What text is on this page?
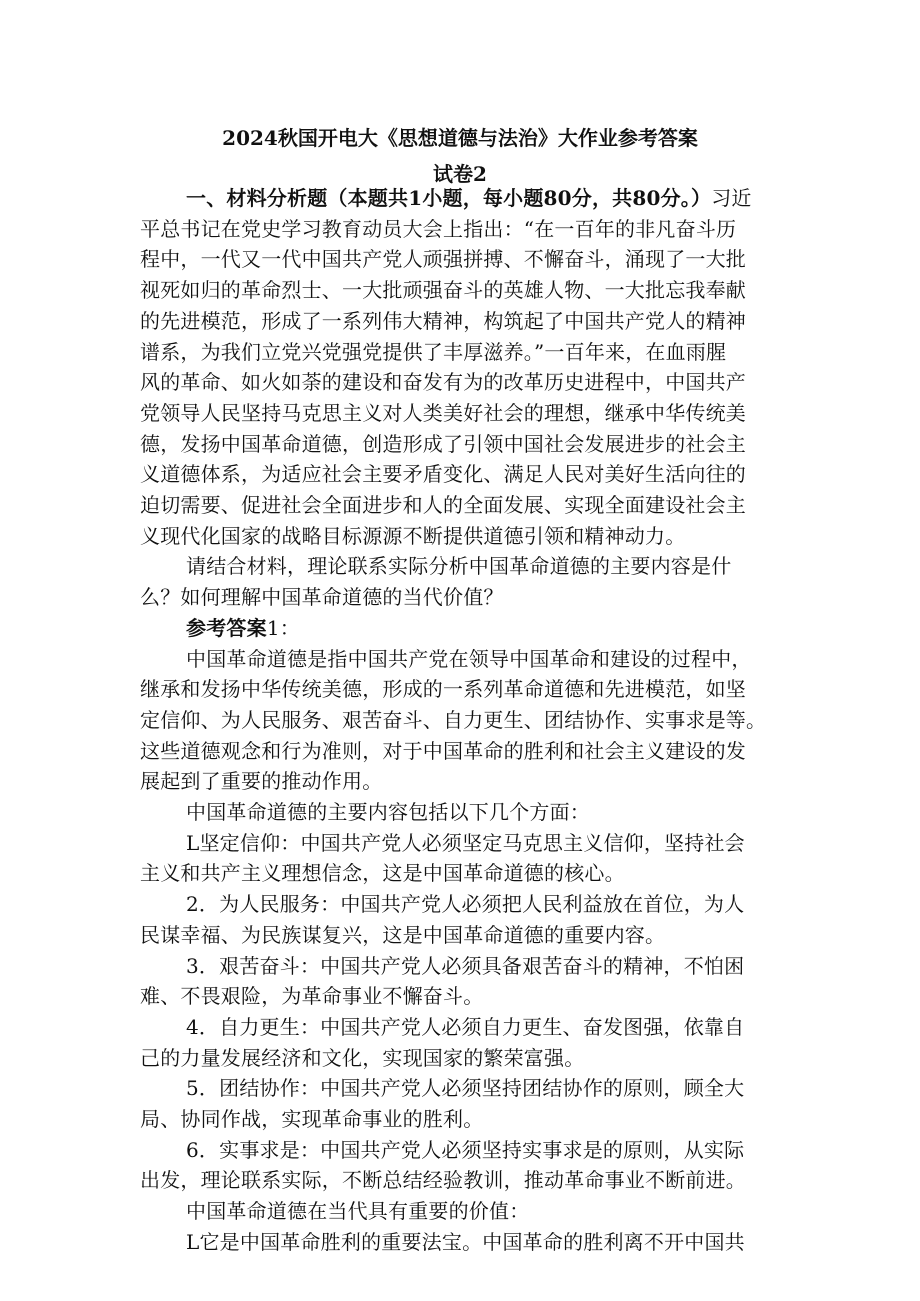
2024秋国开电大《思想道德与法治》大作业参考答案
试卷2
一、材料分析题（本题共1小题，每小题80分，共80分。）习近
平总书记在党史学习教育动员大会上指出：“在一百年的非凡奋斗历
程中，一代又一代中国共产党人顽强拼搏、不懈奋斗，涌现了一大批
视死如归的革命烈士、一大批顽强奋斗的英雄人物、一大批忘我奉献
的先进模范，形成了一系列伟大精神，构筑起了中国共产党人的精神
谱系，为我们立党兴党强党提供了丰厚滋养。”一百年来，在血雨腥
风的革命、如火如荼的建设和奋发有为的改革历史进程中，中国共产
党领导人民坚持马克思主义对人类美好社会的理想，继承中华传统美
德，发扬中国革命道德，创造形成了引领中国社会发展进步的社会主
义道德体系，为适应社会主要矛盾变化、满足人民对美好生活向往的
迫切需要、促进社会全面进步和人的全面发展、实现全面建设社会主
义现代化国家的战略目标源源不断提供道德引领和精神动力。
请结合材料，理论联系实际分析中国革命道德的主要内容是什
么？如何理解中国革命道德的当代价值？
参考答案1：
中国革命道德是指中国共产党在领导中国革命和建设的过程中，
继承和发扬中华传统美德，形成的一系列革命道德和先进模范，如坚
定信仰、为人民服务、艰苦奋斗、自力更生、团结协作、实事求是等。
这些道德观念和行为准则，对于中国革命的胜利和社会主义建设的发
展起到了重要的推动作用。
中国革命道德的主要内容包括以下几个方面：
L坚定信仰：中国共产党人必须坚定马克思主义信仰，坚持社会
主义和共产主义理想信念，这是中国革命道德的核心。
2．为人民服务：中国共产党人必须把人民利益放在首位，为人
民谋幸福、为民族谋复兴，这是中国革命道德的重要内容。
3．艰苦奋斗：中国共产党人必须具备艰苦奋斗的精神，不怕困
难、不畏艰险，为革命事业不懈奋斗。
4．自力更生：中国共产党人必须自力更生、奋发图强，依靠自
己的力量发展经济和文化，实现国家的繁荣富强。
5．团结协作：中国共产党人必须坚持团结协作的原则，顾全大
局、协同作战，实现革命事业的胜利。
6．实事求是：中国共产党人必须坚持实事求是的原则，从实际
出发，理论联系实际，不断总结经验教训，推动革命事业不断前进。
中国革命道德在当代具有重要的价值：
L它是中国革命胜利的重要法宝。中国革命的胜利离不开中国共
